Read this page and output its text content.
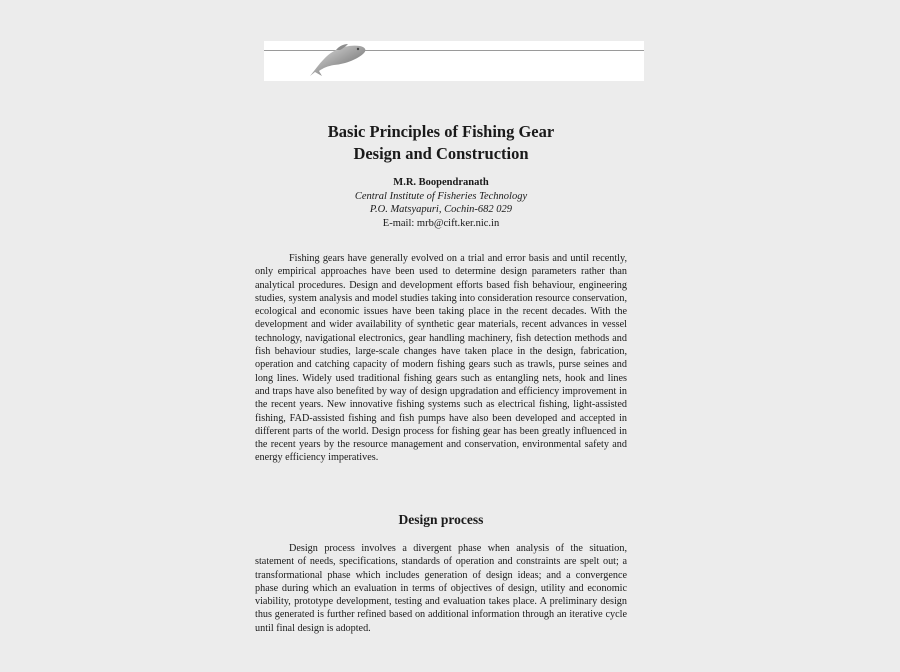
Basic Principles of Fishing Gear
Design and Construction
M.R. Boopendranath
Central Institute of Fisheries Technology
P.O. Matsyapuri, Cochin-682 029
E-mail: mrb@cift.ker.nic.in

Fishing gears have generally evolved on a trial and error basis and until recently, only empirical approaches have been used to determine design parameters rather than analytical procedures. Design and development efforts based fish behaviour, engineering studies, system analysis and model studies taking into consideration resource conservation, ecological and economic issues have been taking place in the recent decades. With the development and wider availability of synthetic gear materials, recent advances in vessel technology, navigational electronics, gear handling machinery, fish detection methods and fish behaviour studies, large-scale changes have taken place in the design, fabrication, operation and catching capacity of modern fishing gears such as trawls, purse seines and long lines. Widely used traditional fishing gears such as entangling nets, hook and lines and traps have also benefited by way of design upgradation and efficiency improvement in the recent years. New innovative fishing systems such as electrical fishing, light-assisted fishing, FAD-assisted fishing and fish pumps have also been developed and accepted in different parts of the world. Design process for fishing gear has been greatly influenced in the recent years by the resource management and conservation, environmental safety and energy efficiency imperatives.

Design process

Design process involves a divergent phase when analysis of the situation, statement of needs, specifications, standards of operation and constraints are spelt out; a transformational phase which includes generation of design ideas; and a convergence phase during which an evaluation in terms of objectives of design, utility and economic viability, prototype development, testing and evaluation takes place. A preliminary design thus generated is further refined based on additional information through an iterative cycle until final design is adopted.
